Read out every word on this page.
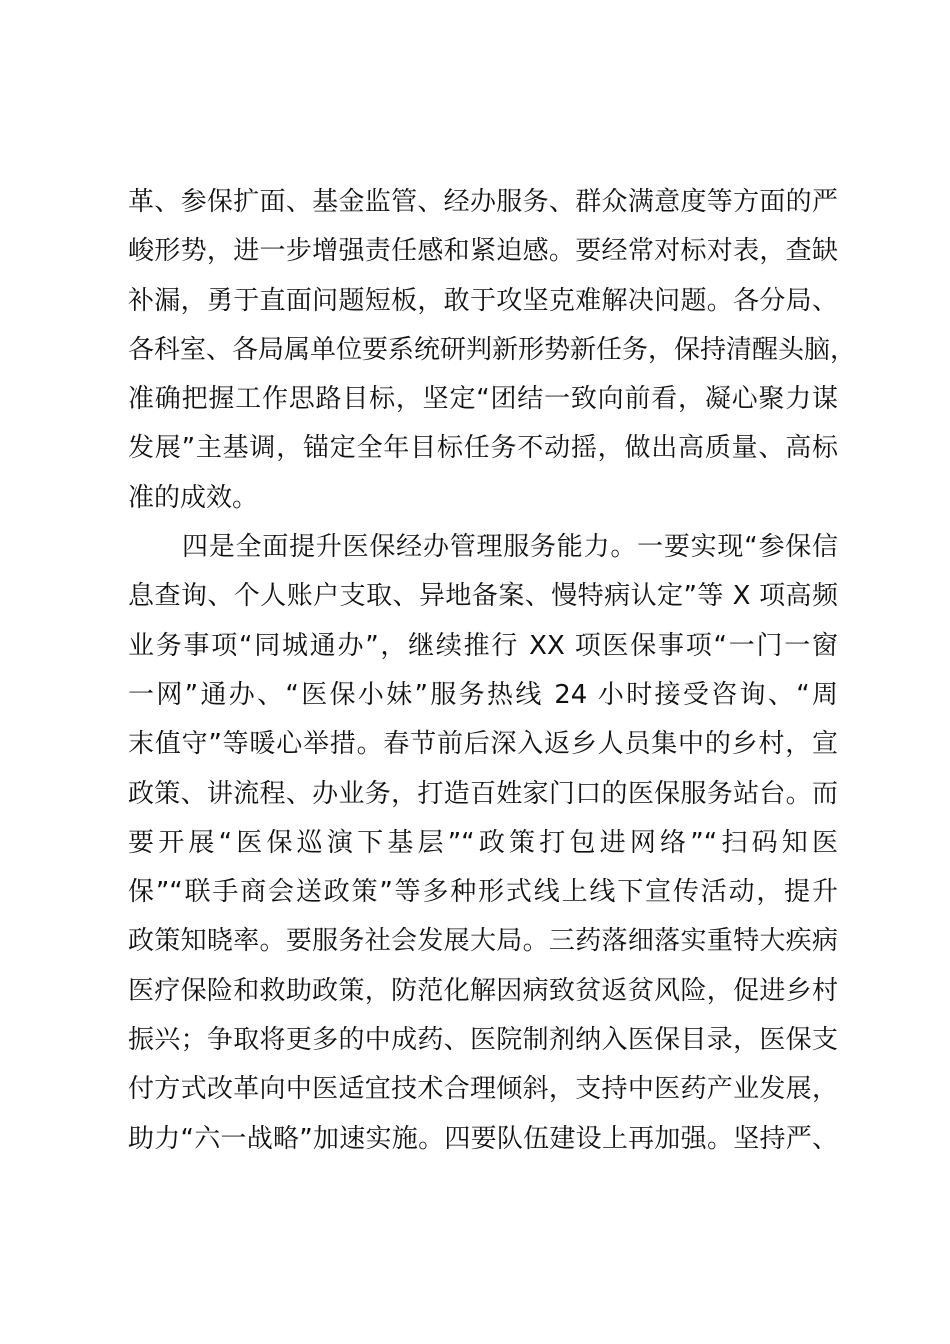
革、参保扩面、基金监管、经办服务、群众满意度等方面的严
峻形势，进一步增强责任感和紧迫感。要经常对标对表，查缺
补漏，勇于直面问题短板，敢于攻坚克难解决问题。各分局、
各科室、各局属单位要系统研判新形势新任务，保持清醒头脑，
准确把握工作思路目标，坚定“团结一致向前看，凝心聚力谋
发展”主基调，锚定全年目标任务不动摇，做出高质量、高标
准的成效。
四是全面提升医保经办管理服务能力。一要实现“参保信
息查询、个人账户支取、异地备案、慢特病认定”等 X 项高频
业务事项“同城通办”，继续推行 XX 项医保事项“一门一窗
一网”通办、“医保小妹”服务热线 24 小时接受咨询、“周
末值守”等暖心举措。春节前后深入返乡人员集中的乡村，宣
政策、讲流程、办业务，打造百姓家门口的医保服务站台。而
要开展“医保巡演下基层”“政策打包进网络”“扫码知医
保”“联手商会送政策”等多种形式线上线下宣传活动，提升
政策知晓率。要服务社会发展大局。三药落细落实重特大疾病
医疗保险和救助政策，防范化解因病致贫返贫风险，促进乡村
振兴；争取将更多的中成药、医院制剂纳入医保目录，医保支
付方式改革向中医适宜技术合理倾斜，支持中医药产业发展，
助力“六一战略”加速实施。四要队伍建设上再加强。坚持严、
